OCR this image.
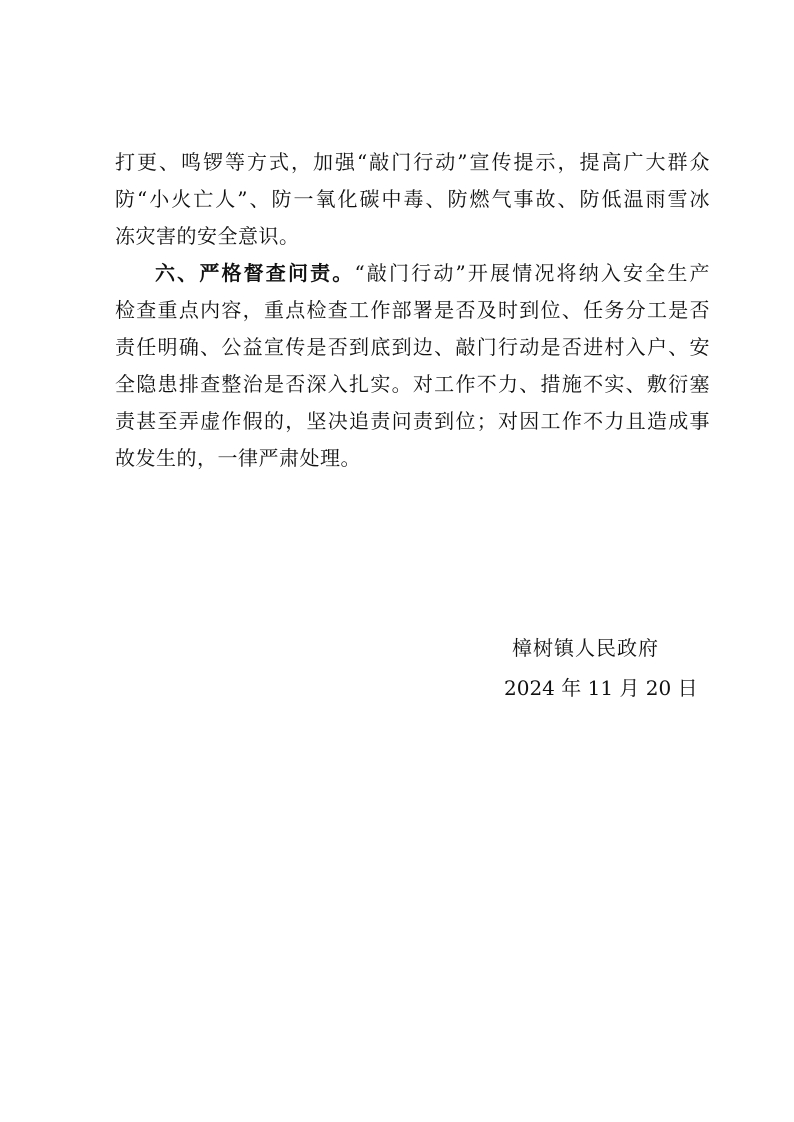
打更、鸣锣等方式，加强“敲门行动”宣传提示，提高广大群众
防“小火亡人”、防一氧化碳中毒、防燃气事故、防低温雨雪冰
冻灾害的安全意识。
六、严格督查问责。“敲门行动”开展情况将纳入安全生产
检查重点内容，重点检查工作部署是否及时到位、任务分工是否
责任明确、公益宣传是否到底到边、敲门行动是否进村入户、安
全隐患排查整治是否深入扎实。对工作不力、措施不实、敷衍塞
责甚至弄虚作假的，坚决追责问责到位；对因工作不力且造成事
故发生的，一律严肃处理。
樟树镇人民政府
2024 年 11 月 20 日
